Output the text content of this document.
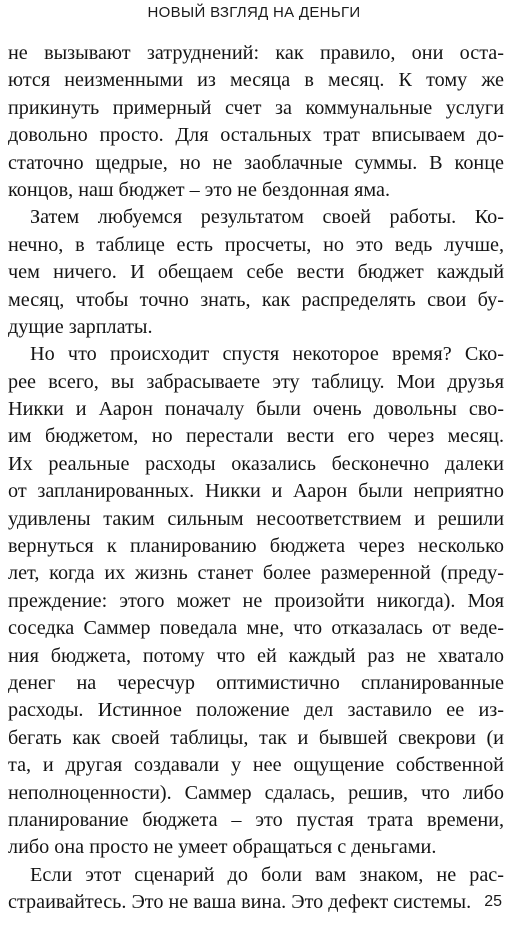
НОВЫЙ ВЗГЛЯД НА ДЕНЬГИ
не вызывают затруднений: как правило, они оста-
ются неизменными из месяца в месяц. К тому же
прикинуть примерный счет за коммунальные услуги
довольно просто. Для остальных трат вписываем до-
статочно щедрые, но не заоблачные суммы. В конце
концов, наш бюджет – это не бездонная яма.
Затем любуемся результатом своей работы. Ко-
нечно, в таблице есть просчеты, но это ведь лучше,
чем ничего. И обещаем себе вести бюджет каждый
месяц, чтобы точно знать, как распределять свои бу-
дущие зарплаты.
Но что происходит спустя некоторое время? Ско-
рее всего, вы забрасываете эту таблицу. Мои друзья
Никки и Аарон поначалу были очень довольны сво-
им бюджетом, но перестали вести его через месяц.
Их реальные расходы оказались бесконечно далеки
от запланированных. Никки и Аарон были неприятно
удивлены таким сильным несоответствием и решили
вернуться к планированию бюджета через несколько
лет, когда их жизнь станет более размеренной (преду-
преждение: этого может не произойти никогда). Моя
соседка Саммер поведала мне, что отказалась от веде-
ния бюджета, потому что ей каждый раз не хватало
денег на чересчур оптимистично спланированные
расходы. Истинное положение дел заставило ее из-
бегать как своей таблицы, так и бывшей свекрови (и
та, и другая создавали у нее ощущение собственной
неполноценности). Саммер сдалась, решив, что либо
планирование бюджета – это пустая трата времени,
либо она просто не умеет обращаться с деньгами.
Если этот сценарий до боли вам знаком, не рас-
страивайтесь. Это не ваша вина. Это дефект системы. 25
